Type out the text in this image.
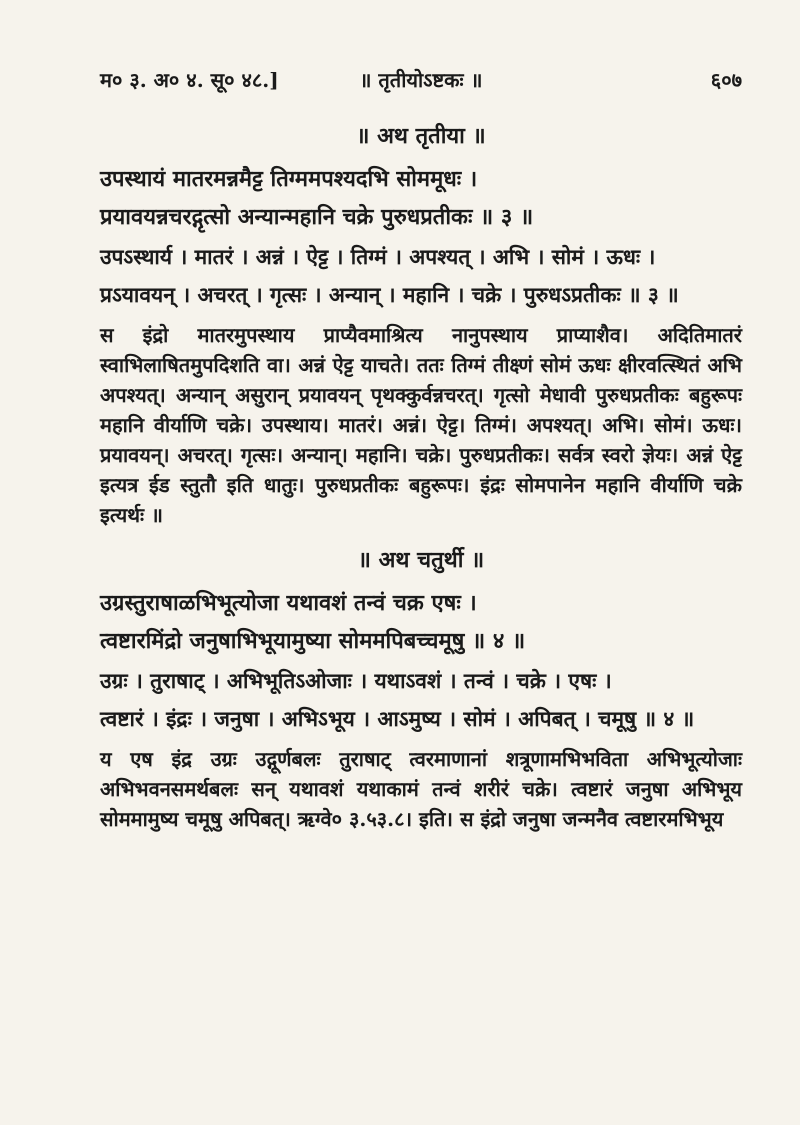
म० ३. अ० ४. सू० ४८.]	॥ तृतीयोऽष्टकः ॥	६०७
॥ अथ तृतीया ॥
उपस्थायं मातरमन्नमैट्ट तिग्ममपश्यदभि सोममूधः ।
प्रयावयन्नचरद्गृत्सो अन्यान्महानि चक्रे पुरुधप्रतीकः ॥ ३ ॥
उपऽस्थार्य । मातरं । अन्नं । ऐट्ट । तिग्मं । अपश्यत् । अभि । सोमं । ऊधः ।
प्रऽयावयन् । अचरत् । गृत्सः । अन्यान् । महानि । चक्रे । पुरुधऽप्रतीकः ॥ ३ ॥
स इंद्रो मातरमुपस्थाय प्राप्यैवमाश्रित्य नानुपस्थाय प्राप्याशैव। अदितिमातरं स्वाभिलाषितमुपदिशति वा। अन्नं ऐट्ट याचते। ततः तिग्मं तीक्ष्णं सोमं ऊधः क्षीरवत्स्थितं अभि अपश्यत्। अन्यान् असुरान् प्रयावयन् पृथक्कुर्वन्नचरत्। गृत्सो मेधावी पुरुधप्रतीकः बहुरूपः महानि वीर्याणि चक्रे। उपस्थाय। मातरं। अन्नं। ऐट्ट। तिग्मं। अपश्यत्। अभि। सोमं। ऊधः। प्रयावयन्। अचरत्। गृत्सः। अन्यान्। महानि। चक्रे। पुरुधप्रतीकः। सर्वत्र स्वरो ज्ञेयः। अन्नं ऐट्ट इत्यत्र ईड स्तुतौ इति धातुः। पुरुधप्रतीकः बहुरूपः। इंद्रः सोमपानेन महानि वीर्याणि चक्रे इत्यर्थः ॥
॥ अथ चतुर्थी ॥
उग्रस्तुराषाळभिभूत्योजा यथावशं तन्वं चक्र एषः ।
त्वष्टारमिंद्रो जनुषाभिभूयामुष्या सोममपिबच्चमूषु ॥ ४ ॥
उग्रः । तुराषाट् । अभिभूतिऽओजाः । यथाऽवशं । तन्वं । चक्रे । एषः ।
त्वष्टारं । इंद्रः । जनुषा । अभिऽभूय । आऽमुष्य । सोमं । अपिबत् । चमूषु ॥ ४ ॥
य एष इंद्र उग्रः उद्गूर्णबलः तुराषाट् त्वरमाणानां शत्रूणामभिभविता अभिभूत्योजाः अभिभवनसमर्थबलः सन् यथावशं यथाकामं तन्वं शरीरं चक्रे। त्वष्टारं जनुषा अभिभूय सोममामुष्य चमूषु अपिबत्। ऋग्वे० ३.५३.८। इति। स इंद्रो जनुषा जन्मनैव त्वष्टारमभिभूय
